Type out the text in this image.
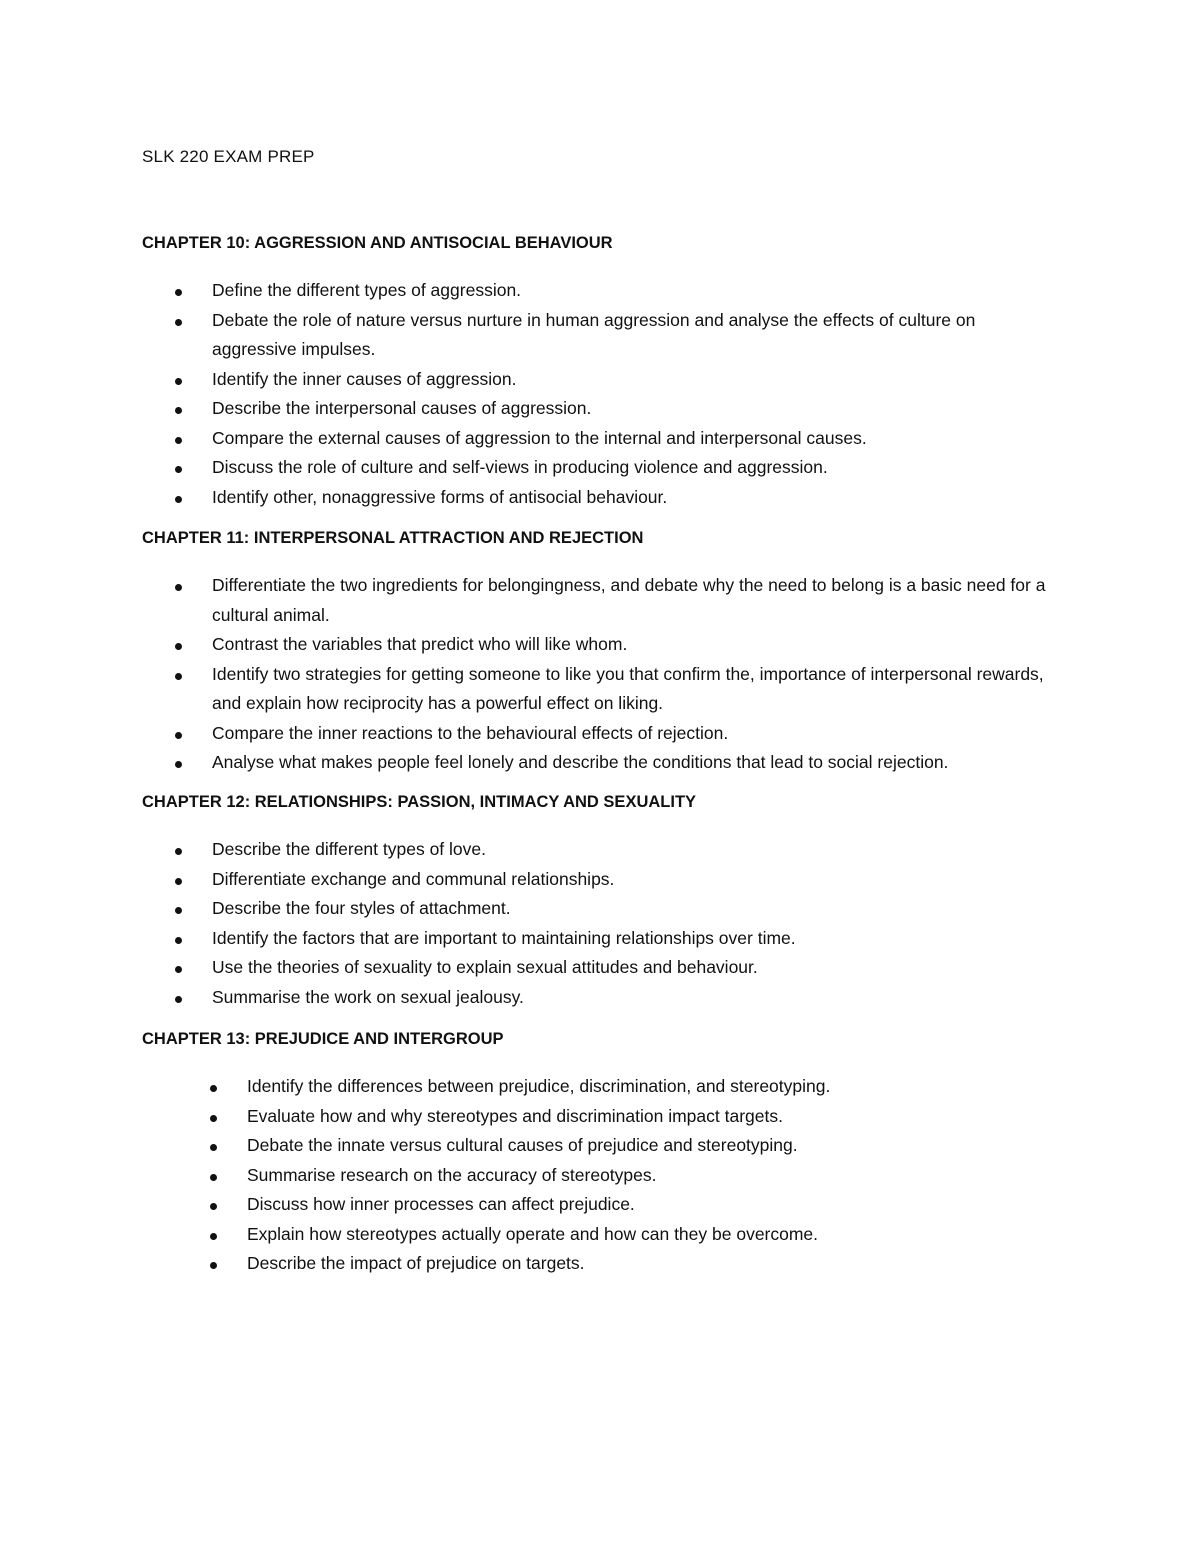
SLK 220 EXAM PREP
CHAPTER 10: AGGRESSION AND ANTISOCIAL BEHAVIOUR
Define the different types of aggression.
Debate the role of nature versus nurture in human aggression and analyse the effects of culture on aggressive impulses.
Identify the inner causes of aggression.
Describe the interpersonal causes of aggression.
Compare the external causes of aggression to the internal and interpersonal causes.
Discuss the role of culture and self-views in producing violence and aggression.
Identify other, nonaggressive forms of antisocial behaviour.
CHAPTER 11: INTERPERSONAL ATTRACTION AND REJECTION
Differentiate the two ingredients for belongingness, and debate why the need to belong is a basic need for a cultural animal.
Contrast the variables that predict who will like whom.
Identify two strategies for getting someone to like you that confirm the, importance of interpersonal rewards, and explain how reciprocity has a powerful effect on liking.
Compare the inner reactions to the behavioural effects of rejection.
Analyse what makes people feel lonely and describe the conditions that lead to social rejection.
CHAPTER 12: RELATIONSHIPS: PASSION, INTIMACY AND SEXUALITY
Describe the different types of love.
Differentiate exchange and communal relationships.
Describe the four styles of attachment.
Identify the factors that are important to maintaining relationships over time.
Use the theories of sexuality to explain sexual attitudes and behaviour.
Summarise the work on sexual jealousy.
CHAPTER 13: PREJUDICE AND INTERGROUP
Identify the differences between prejudice, discrimination, and stereotyping.
Evaluate how and why stereotypes and discrimination impact targets.
Debate the innate versus cultural causes of prejudice and stereotyping.
Summarise research on the accuracy of stereotypes.
Discuss how inner processes can affect prejudice.
Explain how stereotypes actually operate and how can they be overcome.
Describe the impact of prejudice on targets.
